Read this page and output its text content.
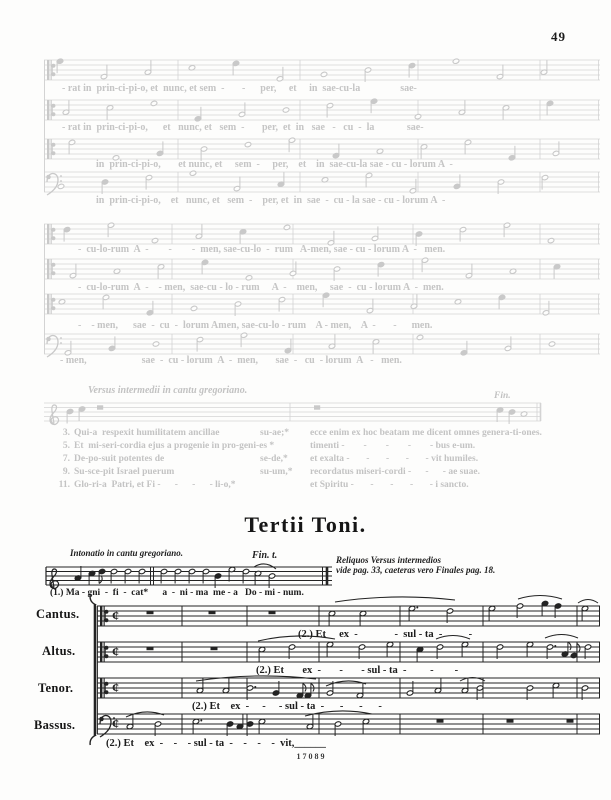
¢
¢
¢
¢
49
- rat in  prin-ci-pi-o, et  nunc, et sem  -       -      per,     et     in  sae-cu-la                sae-
- rat in  prin-ci-pi-o,      et   nunc, et   sem  -       per,  et  in   sae   -   cu  -  la             sae-
in  prin-ci-pi-o,       et nunc, et     sem  -     per,    et    in  sae-cu-la sae - cu - lorum A  -
in  prin-ci-pi-o,    et   nunc, et   sem  -    per, et  in  sae  -  cu - la sae - cu - lorum A  -
-  cu-lo-rum  A  -        -        -  men, sae-cu-lo  -  rum   A-men, sae - cu - lorum A  -   men.
-  cu-lo-rum  A  -    - men,  sae-cu - lo - rum     A  -    men,     sae  -  cu - lorum A  -  men.
-    - men,      sae  -  cu  -  lorum Amen, sae-cu-lo - rum    A - men,    A  -       -      men.
- men,                      sae  -  cu - lorum  A  -  men,       sae  -   cu  - lorum  A   -   men.
Versus intermedii in cantu gregoriano.	Fin.
3. Qui-a  respexit humilitatem ancillae	su-ae;* ecce enim ex hoc beatam me dicent omnes genera-ti-ones.
5. Et  mi-seri-cordia ejus a progenie in pro-geni-es *	timenti -        -        -        -        - bus e-um.
7. De-po-suit potentes de	se-de,* et exalta -       -       -       -       - vit humiles.
9. Su-sce-pit Israel puerum	su-um,* recordatus miseri-cordi -      -      - ae suae.
11. Glo-ri-a  Patri, et Fi -      -      -      - li-o,*	et Spiritu -       -       -       -       - i sancto.
Tertii Toni.
Intonatio in cantu gregoriano.	Fin. t.
(1.) Ma - gni  -  fi  -  cat*      a  -  ni - ma  me - a   Do - mi - num.
Reliquos Versus intermedios
vide pag. 33, caeteras vero Finales pag. 18.
Cantus.
Altus.
Tenor.
Bassus.
(2.) Et     ex  -              -  sul - ta  -          -
(2.) Et       ex  -       -       - sul - ta  -         -        -
(2.) Et    ex  -     -     - sul - ta  -      -      -      -
(2.) Et    ex  -    -    - sul - ta  -    -    -    -  vit,______
17089
